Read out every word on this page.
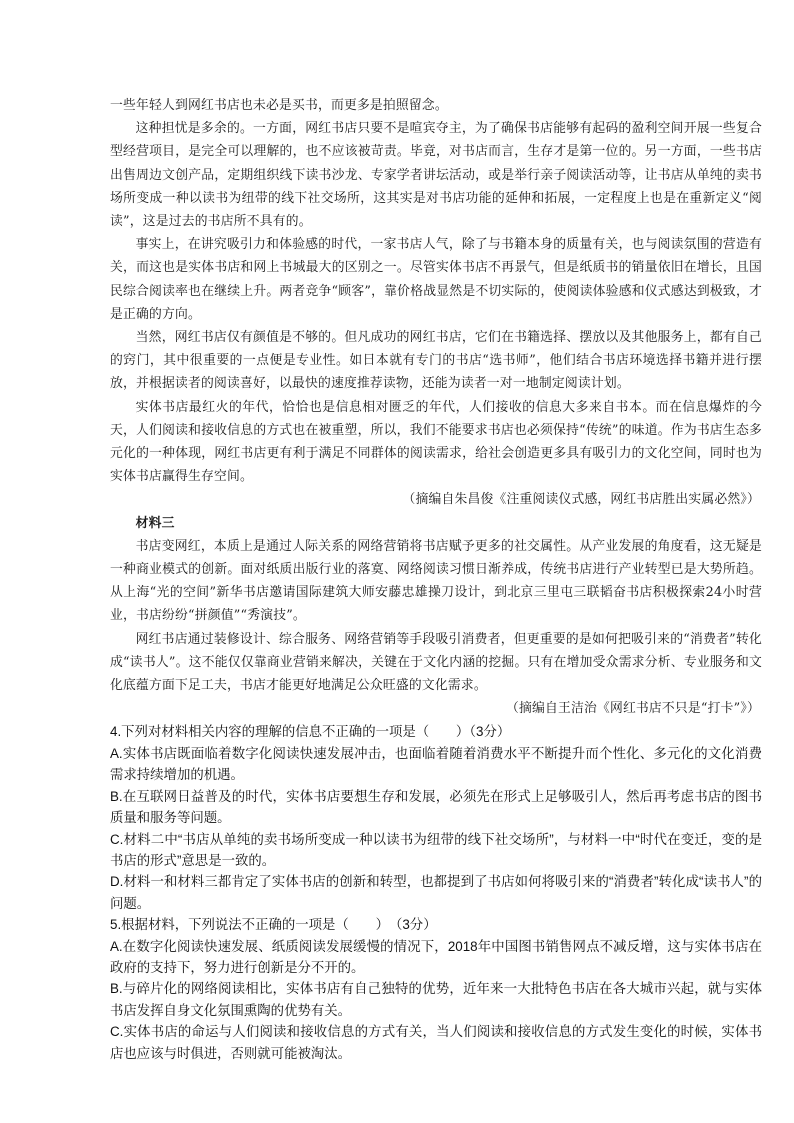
一些年轻人到网红书店也未必是买书，而更多是拍照留念。

这种担忧是多余的。一方面，网红书店只要不是喧宾夺主，为了确保书店能够有起码的盈利空间开展一些复合型经营项目，是完全可以理解的，也不应该被苛责。毕竟，对书店而言，生存才是第一位的。另一方面，一些书店出售周边文创产品，定期组织线下读书沙龙、专家学者讲坛活动，或是举行亲子阅读活动等，让书店从单纯的卖书场所变成一种以读书为纽带的线下社交场所，这其实是对书店功能的延伸和拓展，一定程度上也是在重新定义“阅读”，这是过去的书店所不具有的。

事实上，在讲究吸引力和体验感的时代，一家书店人气，除了与书籍本身的质量有关，也与阅读氛围的营造有关，而这也是实体书店和网上书城最大的区别之一。尽管实体书店不再景气，但是纸质书的销量依旧在增长，且国民综合阅读率也在继续上升。两者竞争“顾客”，靠价格战显然是不切实际的，使阅读体验感和仪式感达到极致，才是正确的方向。

当然，网红书店仅有颜值是不够的。但凡成功的网红书店，它们在书籍选择、摆放以及其他服务上，都有自己的窍门，其中很重要的一点便是专业性。如日本就有专门的书店“选书师”，他们结合书店环境选择书籍并进行摆放，并根据读者的阅读喜好，以最快的速度推荐读物，还能为读者一对一地制定阅读计划。

实体书店最红火的年代，恰恰也是信息相对匮乏的年代，人们接收的信息大多来自书本。而在信息爆炸的今天，人们阅读和接收信息的方式也在被重塑，所以，我们不能要求书店也必须保持“传统”的味道。作为书店生态多元化的一种体现，网红书店更有利于满足不同群体的阅读需求，给社会创造更多具有吸引力的文化空间，同时也为实体书店赢得生存空间。

（摘编自朱昌俊《注重阅读仪式感，网红书店胜出实属必然》）

材料三

书店变网红，本质上是通过人际关系的网络营销将书店赋予更多的社交属性。从产业发展的角度看，这无疑是一种商业模式的创新。面对纸质出版行业的落寞、网络阅读习惯日渐养成，传统书店进行产业转型已是大势所趋。从上海“光的空间”新华书店邀请国际建筑大师安藤忠雄操刀设计，到北京三里屯三联韬奋书店积极探索24小时营业，书店纷纷“拼颜值”“秀演技”。

网红书店通过装修设计、综合服务、网络营销等手段吸引消费者，但更重要的是如何把吸引来的“消费者”转化成“读书人”。这不能仅仅靠商业营销来解决，关键在于文化内涵的挖掘。只有在增加受众需求分析、专业服务和文化底蕴方面下足工夫，书店才能更好地满足公众旺盛的文化需求。

（摘编自王洁治《网红书店不只是“打卡”》）

4.下列对材料相关内容的理解的信息不正确的一项是（　　）（3分）

A.实体书店既面临着数字化阅读快速发展冲击，也面临着随着消费水平不断提升而个性化、多元化的文化消费需求持续增加的机遇。

B.在互联网日益普及的时代，实体书店要想生存和发展，必须先在形式上足够吸引人，然后再考虑书店的图书质量和服务等问题。

C.材料二中“书店从单纯的卖书场所变成一种以读书为纽带的线下社交场所”，与材料一中“时代在变迁，变的是书店的形式”意思是一致的。

D.材料一和材料三都肯定了实体书店的创新和转型，也都提到了书店如何将吸引来的“消费者”转化成“读书人”的问题。

5.根据材料，下列说法不正确的一项是（　　）　（3分）

A.在数字化阅读快速发展、纸质阅读发展缓慢的情况下，2018年中国图书销售网点不减反增，这与实体书店在政府的支持下，努力进行创新是分不开的。

B.与碎片化的网络阅读相比，实体书店有自己独特的优势，近年来一大批特色书店在各大城市兴起，就与实体书店发挥自身文化氛围熏陶的优势有关。

C.实体书店的命运与人们阅读和接收信息的方式有关，当人们阅读和接收信息的方式发生变化的时候，实体书店也应该与时俱进，否则就可能被淘汰。
